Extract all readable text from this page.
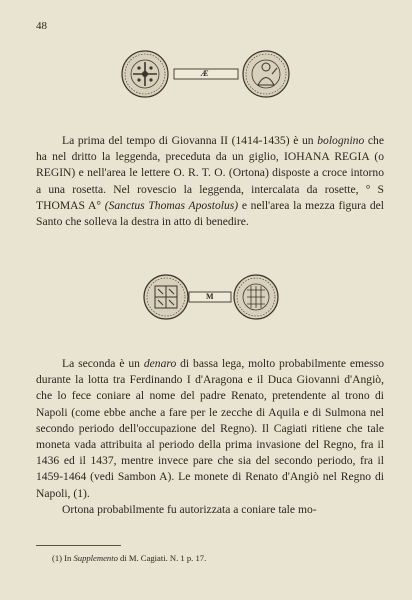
48
Æ

La prima del tempo di Giovanna II (1414-1435) è un bolognino che ha nel dritto la leggenda, preceduta da un giglio, IOHANA REGIA (o REGIN) e nell'area le lettere O. R. T. O. (Ortona) disposte a croce intorno a una rosetta. Nel rovescio la leggenda, intercalata da rosette, ° S THOMAS A° (Sanctus Thomas Apostolus) e nell'area la mezza figura del Santo che solleva la destra in atto di benedire.

M

La seconda è un denaro di bassa lega, molto probabilmente emesso durante la lotta tra Ferdinando I d'Aragona e il Duca Giovanni d'Angiò, che lo fece coniare al nome del padre Renato, pretendente al trono di Napoli (come ebbe anche a fare per le zecche di Aquila e di Sulmona nel secondo periodo dell'occupazione del Regno). Il Cagiati ritiene che tale moneta vada attribuita al periodo della prima invasione del Regno, fra il 1436 ed il 1437, mentre invece pare che sia del secondo periodo, fra il 1459-1464 (vedi Sambon A). Le monete di Renato d'Angiò nel Regno di Napoli, (1).

Ortona probabilmente fu autorizzata a coniare tale mo-

(1) In Supplemento di M. Cagiati. N. 1 p. 17.
